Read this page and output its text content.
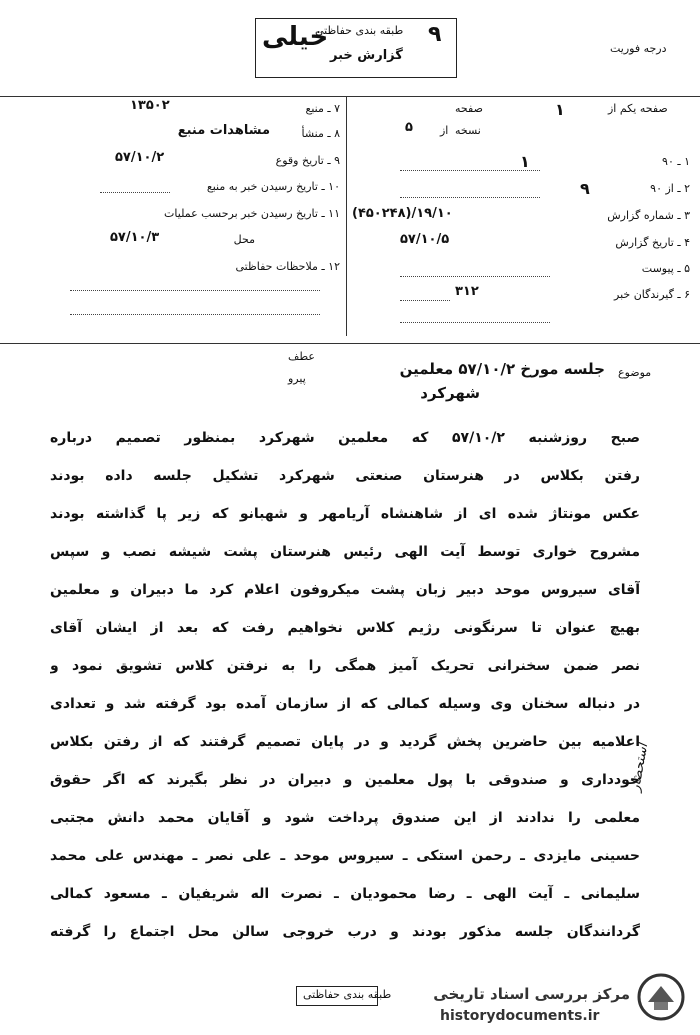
خیلی
طبقه بندی حفاظتی ۹
گزارش خبر	درجه فوریت
صفحه یکم از
۱
صفحه
نسخه
۵ از
۱ ـ ۹۰
۱
۲ ـ از ۹۰
۹
۳ ـ شماره گزارش
(۴۵۰۲۴۸)/۱۹/۱۰
۴ ـ تاریخ گزارش
۵۷/۱۰/۵
۵ ـ پیوست
۶ ـ گیرندگان خبر
۳۱۲
۷ ـ منبع
۱۳۵۰۲
۸ ـ منشأ
مشاهدات منبع
۹ ـ تاریخ وقوع
۵۷/۱۰/۲
۱۰ ـ تاریخ رسیدن خبر به منبع
۱۱ ـ تاریخ رسیدن خبر برحسب عملیات
محل
۵۷/۱۰/۳
۱۲ ـ ملاحظات حفاظتی
موضوع
جلسه مورخ ۵۷/۱۰/۲ معلمین
شهرکرد
عطف
پیرو
صبح روزشنبه ۵۷/۱۰/۲ که معلمین شهرکرد بمنظور تصمیم درباره
رفتن بکلاس در هنرستان صنعتی شهرکرد تشکیل جلسه داده بودند
عکس مونتاژ شده ای از شاهنشاه آریامهر و شهبانو که زیر پا گذاشته بودند
مشروح خواری توسط آیت الهی رئیس هنرستان پشت شیشه نصب و سپس
آقای سیروس موحد دبیر زبان پشت میکروفون اعلام کرد ما دبیران و معلمین
بهیچ عنوان تا سرنگونی رژیم کلاس نخواهیم رفت که بعد از ایشان آقای
نصر ضمن سخنرانی تحریک آمیز همگی را به نرفتن کلاس تشویق نمود و
در دنباله سخنان وی وسیله کمالی که از سازمان آمده بود گرفته شد و تعدادی
اعلامیه بین حاضرین پخش گردید و در پایان تصمیم گرفتند که از رفتن بکلاس
خودداری و صندوقی با پول معلمین و دبیران در نظر بگیرند که اگر حقوق
معلمی را ندادند از این صندوق پرداخت شود و آقایان محمد دانش مجتبی
حسینی مایزدی ـ رحمن استکی ـ سیروس موحد ـ علی نصر ـ مهندس علی محمد
سلیمانی ـ آیت الهی ـ رضا محمودیان ـ نصرت اله شریفیان ـ مسعود کمالی
گردانندگان جلسه مذکور بودند و درب خروجی سالن محل اجتماع را گرفته
استحضار
طبقه بندی حفاظتی	مرکز بررسی اسناد تاریخی
historydocuments.ir
